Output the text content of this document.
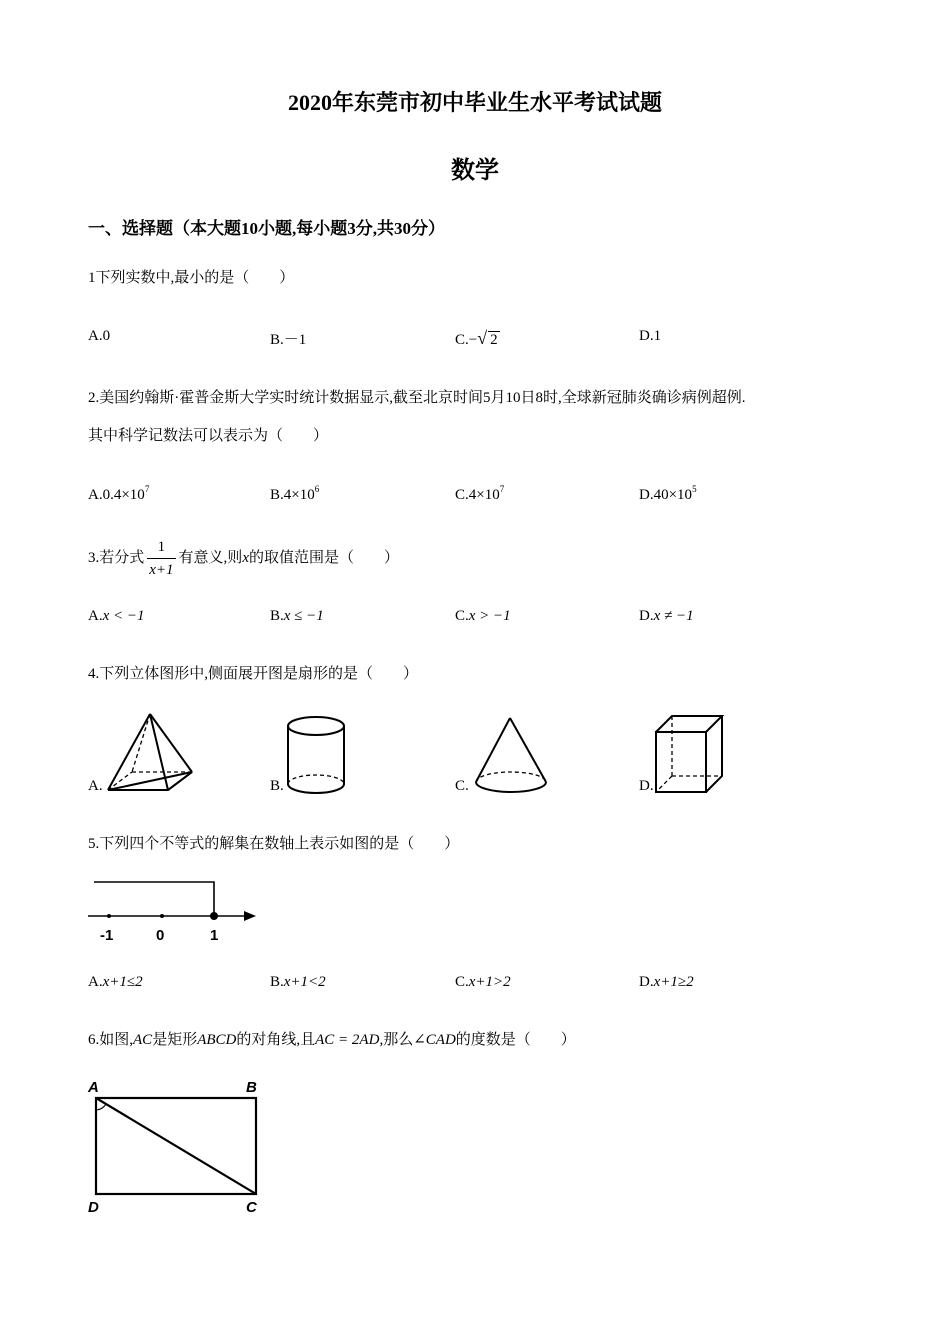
2020年东莞市初中毕业生水平考试试题
数学
一、选择题（本大题10小题,每小题3分,共30分）
1下列实数中,最小的是（　　）
A.0	B.－1	C.−√ 2	D.1
2.美国约翰斯·霍普金斯大学实时统计数据显示,截至北京时间5月10日8时,全球新冠肺炎确诊病例超例.
其中科学记数法可以表示为（　　）
$A.0.4\times 10^7$	$B.4\times 10^6$	$C.4\times 10^7$	$D.40\times 10^5$
3.若分式 $\frac{1}{x+1}$ 有意义,则x的取值范围是（　　）
A.x < −1	B.x ≤ −1	C.x > −1	D.x ≠ −1
4.下列立体图形中,侧面展开图是扇形的是（　　）
A.	B.	C.	D.
5.下列四个不等式的解集在数轴上表示如图的是（　　）
-1	0	1
A.x+1≤2	B.x+1<2	C.x+1>2	D.x+1≥2
6.如图,AC是矩形ABCD的对角线,且AC = 2AD,那么∠CAD的度数是（　　）
A	B
D	C
